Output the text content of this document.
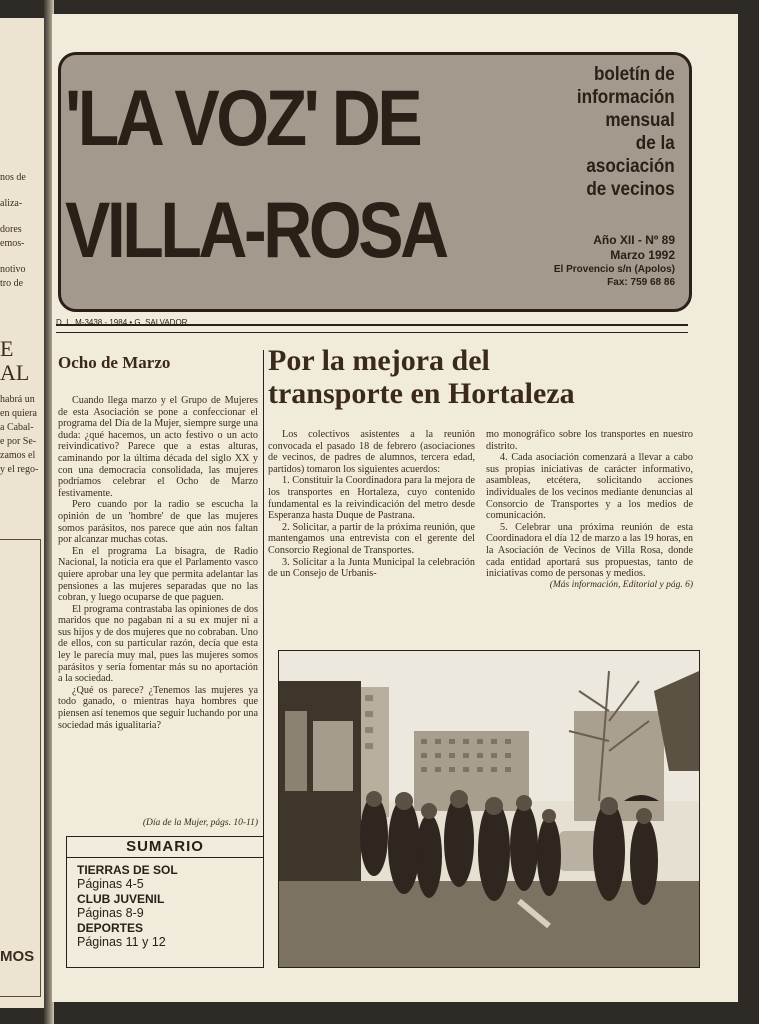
nos de
aliza-
dores
emos-
notivo
tro de
E
AL
habrá un
en quiera
a Cabal-
e por Se-
zamos el
y el rego-
MOS
'LA VOZ' DE
VILLA-ROSA
boletín de
información
mensual
de la
asociación
de vecinos
Año XII - Nº 89
Marzo 1992
El Provencio s/n (Apolos)
Fax: 759 68 86
D. L. M-3438 - 1984 • G. SALVADOR
Ocho de Marzo

Cuando llega marzo y el Grupo de Mujeres de esta Asociación se pone a confeccionar el programa del Día de la Mujer, siempre surge una duda: ¿qué hacemos, un acto festivo o un acto reivindicativo? Parece que a estas alturas, caminando por la última década del siglo XX y con una democracia consolidada, las mujeres podríamos celebrar el Ocho de Marzo festivamente.

Pero cuando por la radio se escucha la opinión de un 'hombre' de que las mujeres somos parásitos, nos parece que aún nos faltan por alcanzar muchas cotas.

En el programa La bisagra, de Radio Nacional, la noticia era que el Parlamento vasco quiere aprobar una ley que permita adelantar las pensiones a las mujeres separadas que no las cobran, y luego ocuparse de que paguen.

El programa contrastaba las opiniones de dos maridos que no pagaban ni a su ex mujer ni a sus hijos y de dos mujeres que no cobraban. Uno de ellos, con su particular razón, decía que esta ley le parecía muy mal, pues las mujeres somos parásitos y sería fomentar más su no aportación a la sociedad.

¿Qué os parece? ¿Tenemos las mujeres ya todo ganado, o mientras haya hombres que piensen así tenemos que seguir luchando por una sociedad más igualitaria?

(Día de la Mujer, págs. 10-11)
SUMARIO
TIERRAS DE SOL
Páginas 4-5
CLUB JUVENIL
Páginas 8-9
DEPORTES
Páginas 11 y 12
Por la mejora del
transporte en Hortaleza

Los colectivos asistentes a la reunión convocada el pasado 18 de febrero (asociaciones de vecinos, de padres de alumnos, tercera edad, partidos) tomaron los siguientes acuerdos:

1. Constituir la Coordinadora para la mejora de los transportes en Hortaleza, cuyo contenido fundamental es la reivindicación del metro desde Esperanza hasta Duque de Pastrana.

2. Solicitar, a partir de la próxima reunión, que mantengamos una entrevista con el gerente del Consorcio Regional de Transportes.

3. Solicitar a la Junta Municipal la celebración de un Consejo de Urbanis-

mo monográfico sobre los transportes en nuestro distrito.

4. Cada asociación comenzará a llevar a cabo sus propias iniciativas de carácter informativo, asambleas, etcétera, solicitando acciones individuales de los vecinos mediante denuncias al Consorcio de Transportes y a los medios de comunicación.

5. Celebrar una próxima reunión de esta Coordinadora el día 12 de marzo a las 19 horas, en la Asociación de Vecinos de Villa Rosa, donde cada entidad aportará sus propuestas, tanto de iniciativas como de personas y medios.

(Más información, Editorial y pág. 6)
